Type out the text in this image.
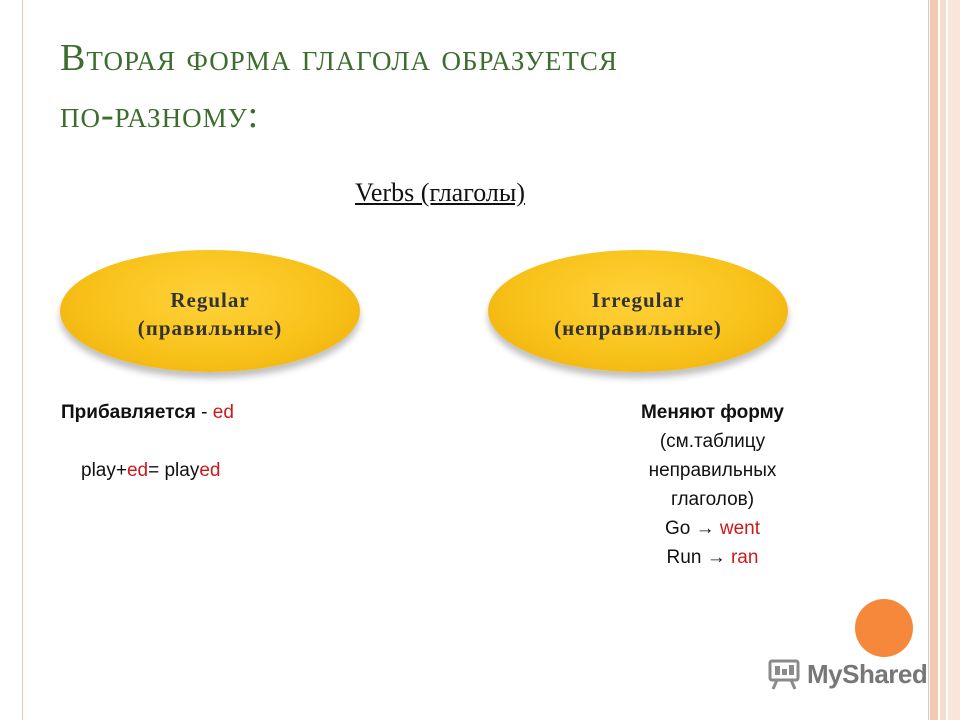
Вторая форма глагола образуется
по-разному:
Verbs (глаголы)
Regular
(правильные)
Irregular
(неправильные)
Прибавляется - ed
play+ed= played
Меняют форму
(см.таблицу
неправильных
глаголов)
Go → went
Run → ran
MyShared
